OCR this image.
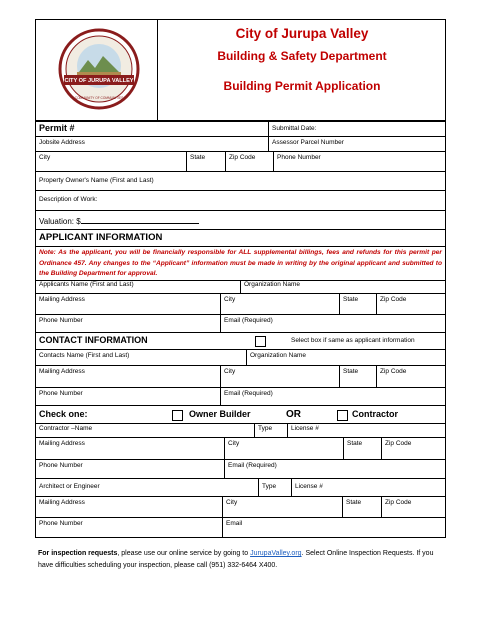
CITY OF JURUPA VALLEY
COMMUNITY OF COMMUNITIES
City of Jurupa Valley
Building & Safety Department
Building Permit Application
Permit #	Submittal Date:
Jobsite Address	Assessor Parcel Number
City	State	Zip Code	Phone Number
Property Owner's Name (First and Last)
Description of Work:
Valuation: $
APPLICANT INFORMATION
Note: As the applicant, you will be financially responsible for ALL supplemental billings, fees and refunds for this permit per Ordinance 457. Any changes to the “Applicant” information must be made in writing by the original applicant and submitted to the Building Department for approval.
Applicants Name (First and Last)	Organization Name
Mailing Address	City	State	Zip Code
Phone Number	Email (Required)
CONTACT INFORMATION	Select box if same as applicant information
Contacts Name (First and Last)	Organization Name
Mailing Address	City	State	Zip Code
Phone Number	Email (Required)
Check one:	Owner Builder	OR	Contractor
Contractor –Name	Type	License #
Mailing Address	City	State	Zip Code
Phone Number	Email (Required)
Architect or Engineer	Type	License #
Mailing Address	City	State	Zip Code
Phone Number	Email
For inspection requests, please use our online service by going to JurupaValley.org. Select Online Inspection Requests. If you have difficulties scheduling your inspection, please call (951) 332-6464 X400.
